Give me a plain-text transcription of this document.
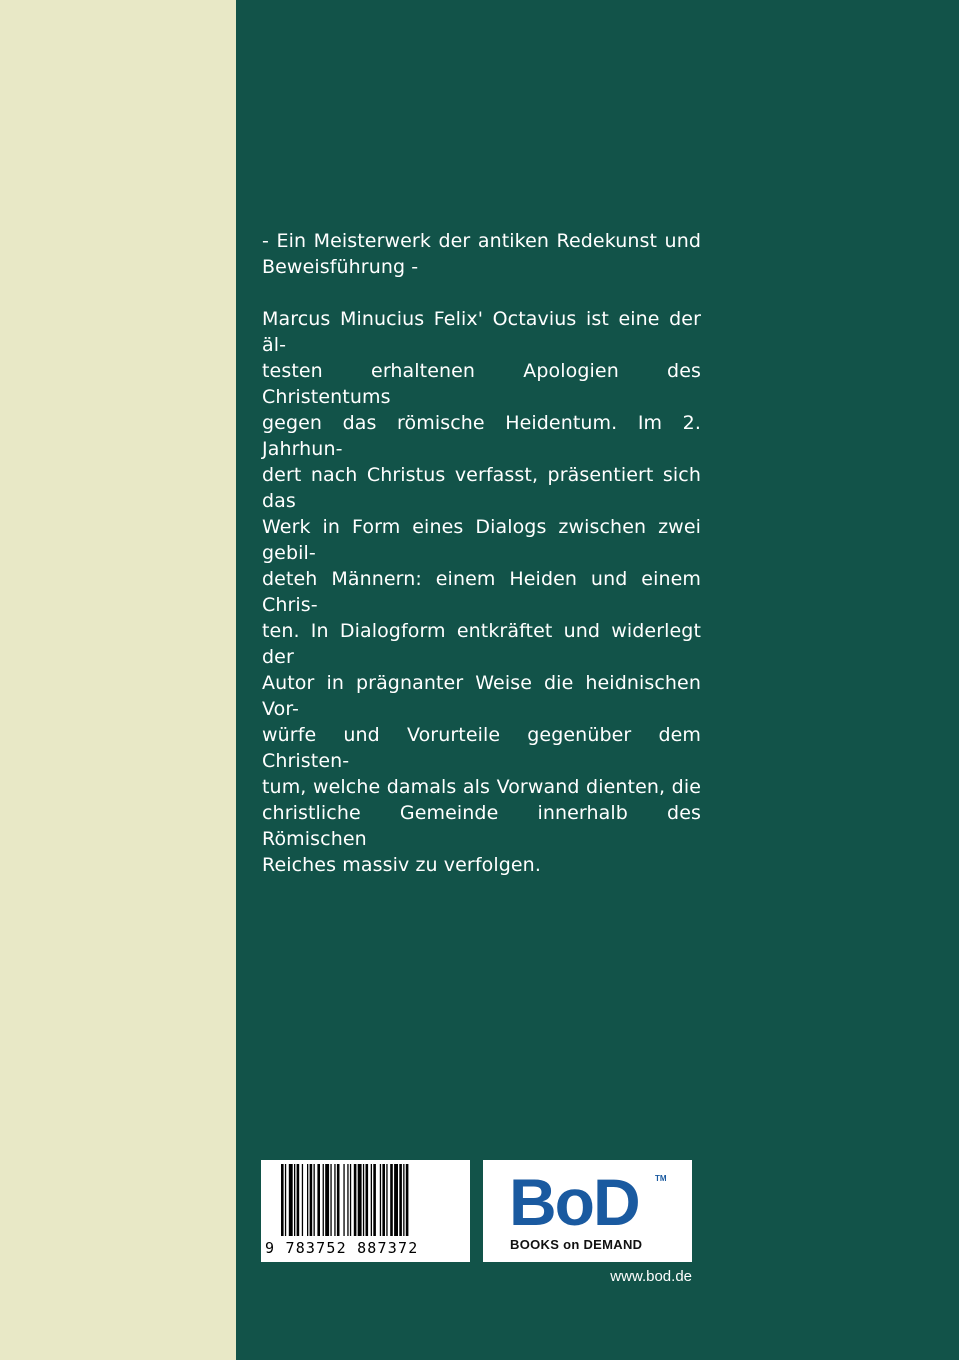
- Ein Meisterwerk der antiken Redekunst und
Beweisführung -

Marcus Minucius Felix' Octavius ist eine der äl-
testen erhaltenen Apologien des Christentums
gegen das römische Heidentum. Im 2. Jahrhun-
dert nach Christus verfasst, präsentiert sich das
Werk in Form eines Dialogs zwischen zwei gebil-
deteh Männern: einem Heiden und einem Chris-
ten. In Dialogform entkräftet und widerlegt der
Autor in prägnanter Weise die heidnischen Vor-
würfe und Vorurteile gegenüber dem Christen-
tum, welche damals als Vorwand dienten, die
christliche Gemeinde innerhalb des Römischen
Reiches massiv zu verfolgen.

9 783752 887372
BoD TM
BOOKS on DEMAND
www.bod.de
